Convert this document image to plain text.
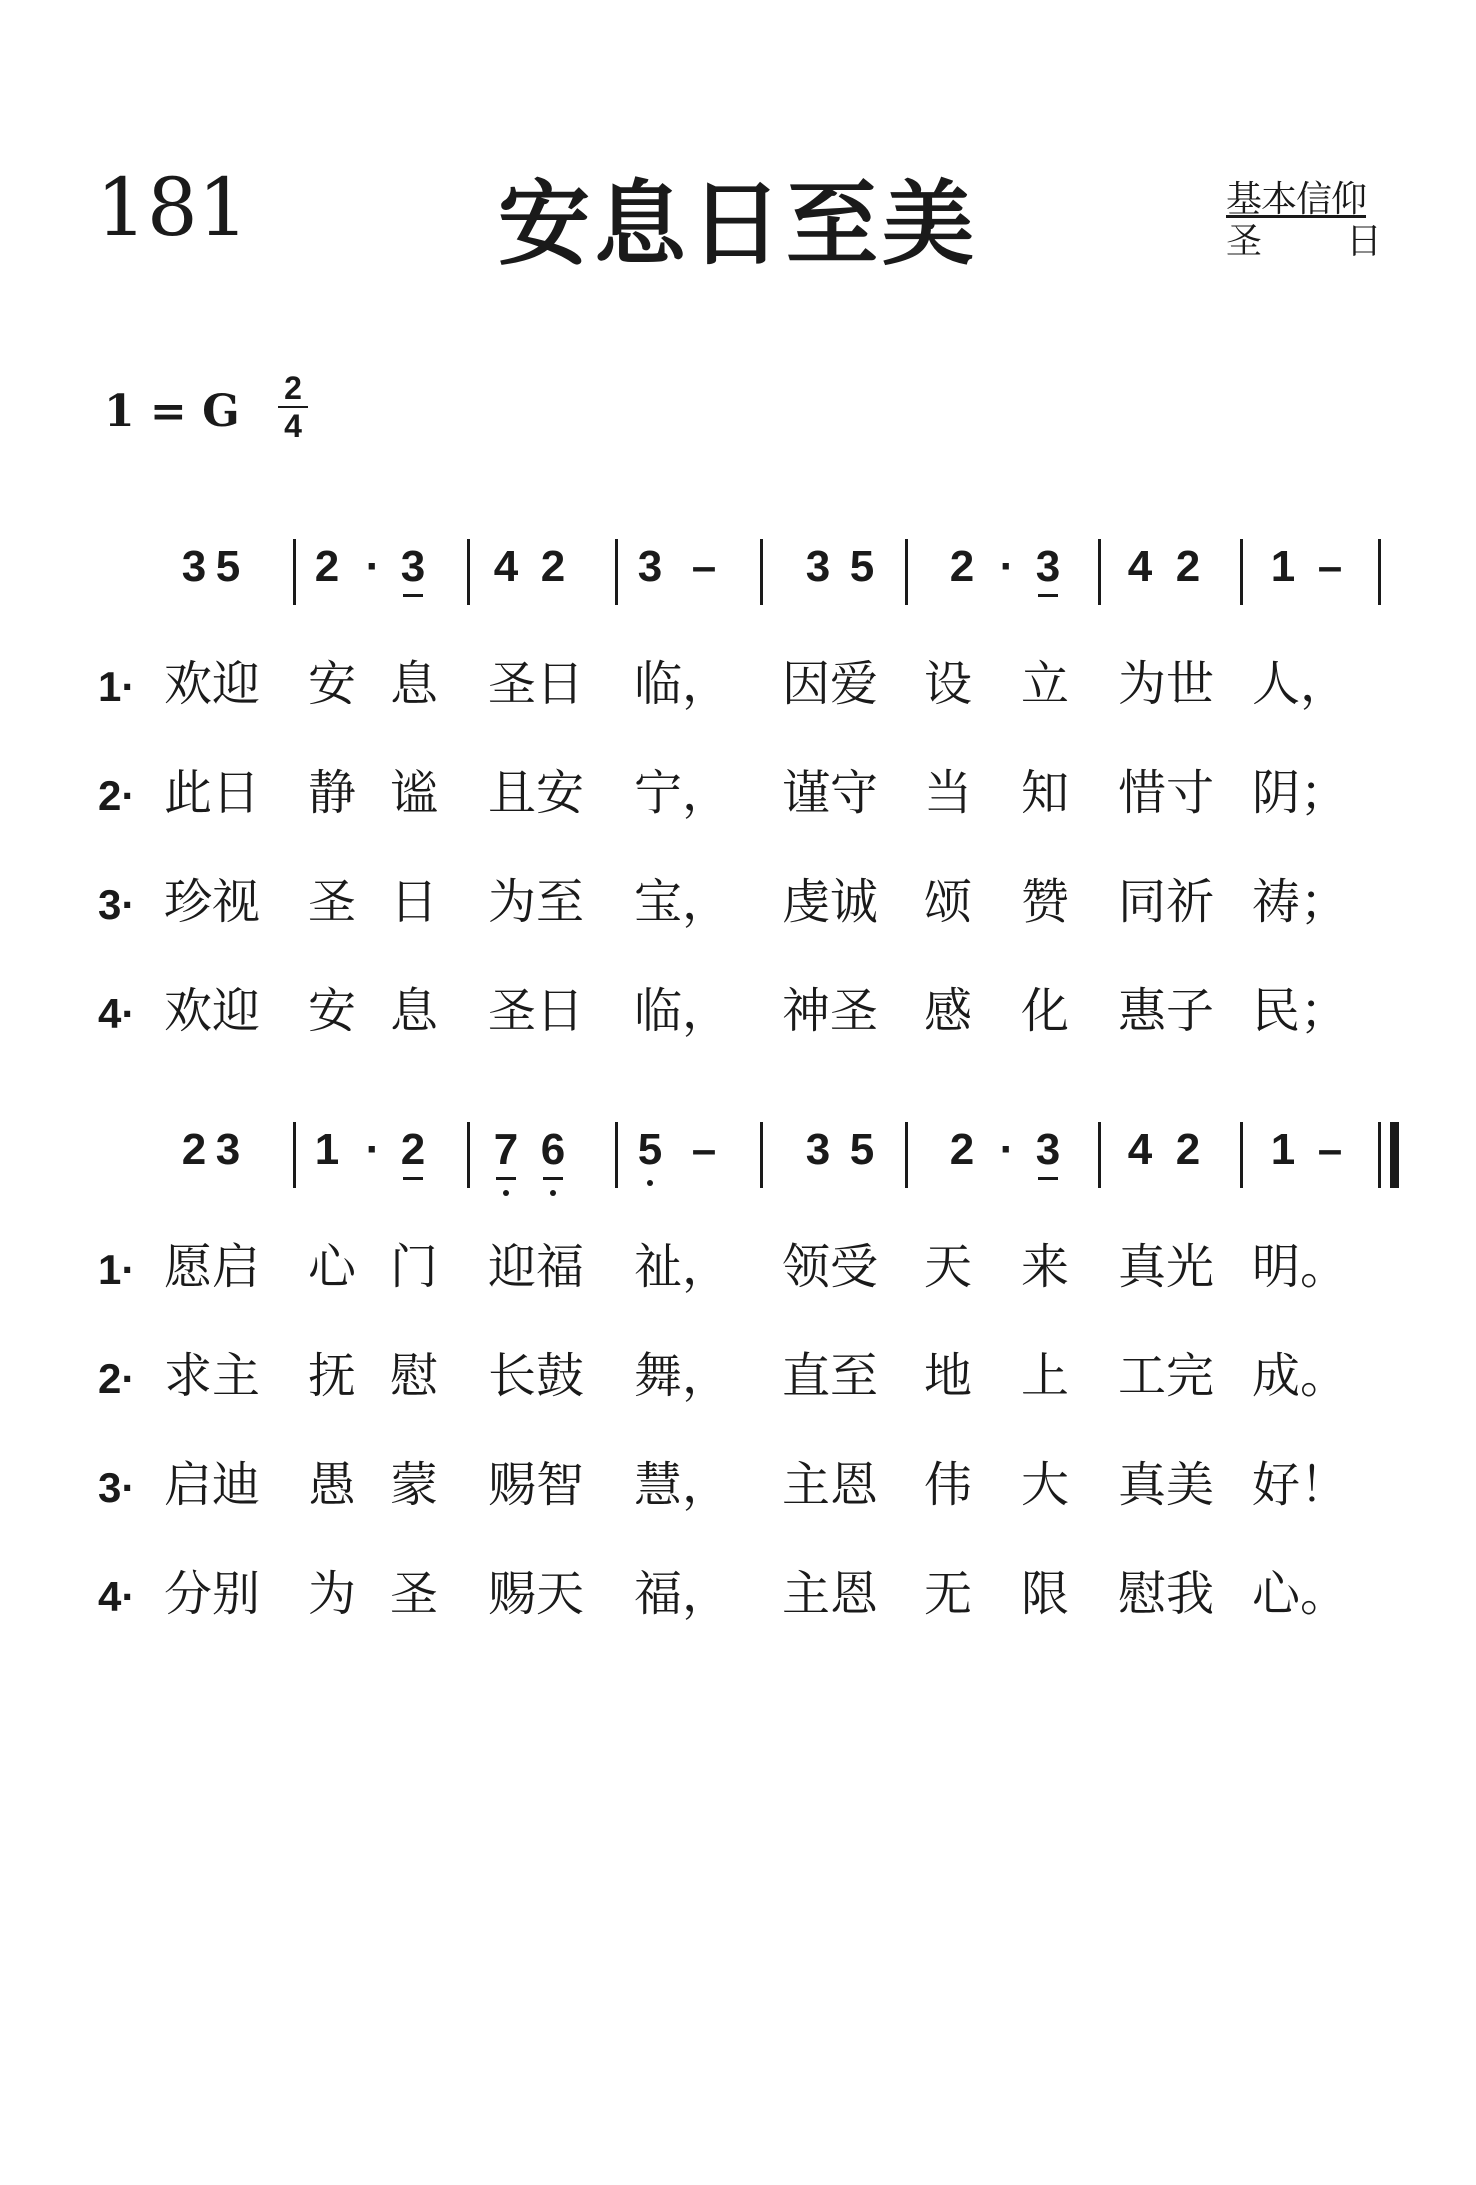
181	安息日至美	基本信仰
圣 日
1 = G $\frac{2}{4}$
3 5 2 · 3 4 2 3 – 3 5 2 · 3 4 2 1 –
1· 欢迎 安 息 圣日 临， 因爱 设 立 为世 人，
2· 此日 静 谧 且安 宁， 谨守 当 知 惜寸 阴；
3· 珍视 圣 日 为至 宝， 虔诚 颂 赞 同祈 祷；
4· 欢迎 安 息 圣日 临， 神圣 感 化 惠子 民；
2 3 1 · 2 7 6 5 – 3 5 2 · 3 4 2 1 –
1· 愿启 心 门 迎福 祉， 领受 天 来 真光 明。
2· 求主 抚 慰 长鼓 舞， 直至 地 上 工完 成。
3· 启迪 愚 蒙 赐智 慧， 主恩 伟 大 真美 好！
4· 分别 为 圣 赐天 福， 主恩 无 限 慰我 心。
